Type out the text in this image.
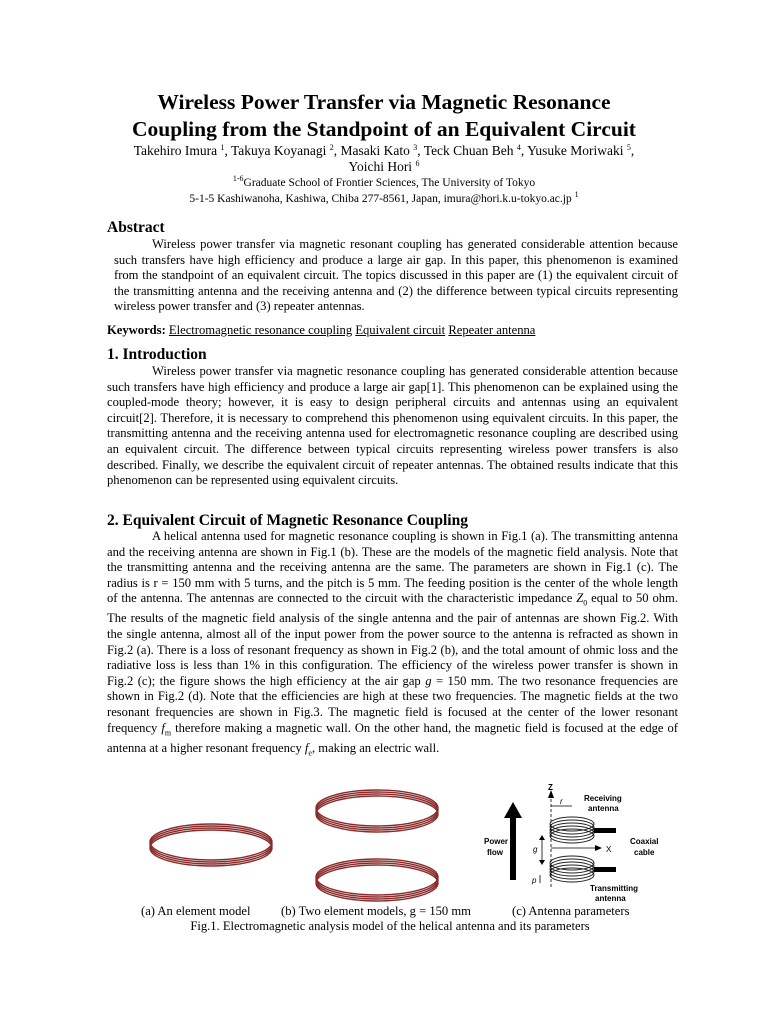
Wireless Power Transfer via Magnetic Resonance
Coupling from the Standpoint of an Equivalent Circuit
Takehiro Imura $^1$, Takuya Koyanagi $^2$, Masaki Kato $^3$, Teck Chuan Beh $^4$, Yusuke Moriwaki $^5$,
Yoichi Hori $^6$
$^{1-6}$Graduate School of Frontier Sciences, The University of Tokyo
5-1-5 Kashiwanoha, Kashiwa, Chiba 277-8561, Japan, imura@hori.k.u-tokyo.ac.jp $^1$
Abstract
Wireless power transfer via magnetic resonant coupling has generated considerable attention because such transfers have high efficiency and produce a large air gap. In this paper, this phenomenon is examined from the standpoint of an equivalent circuit. The topics discussed in this paper are (1) the equivalent circuit of the transmitting antenna and the receiving antenna and (2) the difference between typical circuits representing wireless power transfer and (3) repeater antennas.
Keywords: Electromagnetic resonance coupling Equivalent circuit Repeater antenna
1. Introduction
Wireless power transfer via magnetic resonance coupling has generated considerable attention because such transfers have high efficiency and produce a large air gap[1]. This phenomenon can be explained using the coupled-mode theory; however, it is easy to design peripheral circuits and antennas using an equivalent circuit[2]. Therefore, it is necessary to comprehend this phenomenon using equivalent circuits. In this paper, the transmitting antenna and the receiving antenna used for electromagnetic resonance coupling are described using an equivalent circuit. The difference between typical circuits representing wireless power transfers is also described. Finally, we describe the equivalent circuit of repeater antennas. The obtained results indicate that this phenomenon can be represented using equivalent circuits.
2. Equivalent Circuit of Magnetic Resonance Coupling
A helical antenna used for magnetic resonance coupling is shown in Fig.1 (a). The transmitting antenna and the receiving antenna are shown in Fig.1 (b). These are the models of the magnetic field analysis. Note that the transmitting antenna and the receiving antenna are the same. The parameters are shown in Fig.1 (c). The radius is r = 150 mm with 5 turns, and the pitch is 5 mm. The feeding position is the center of the whole length of the antenna. The antennas are connected to the circuit with the characteristic impedance $Z_0$ equal to 50 ohm. The results of the magnetic field analysis of the single antenna and the pair of antennas are shown Fig.2. With the single antenna, almost all of the input power from the power source to the antenna is refracted as shown in Fig.2 (a). There is a loss of resonant frequency as shown in Fig.2 (b), and the total amount of ohmic loss and the radiative loss is less than 1% in this configuration. The efficiency of the wireless power transfer is shown in Fig.2 (c); the figure shows the high efficiency at the air gap g = 150 mm. The two resonance frequencies are shown in Fig.2 (d). Note that the efficiencies are high at these two frequencies. The magnetic fields at the two resonant frequencies are shown in Fig.3. The magnetic field is focused at the center of the lower resonant frequency $f_m$ therefore making a magnetic wall. On the other hand, the magnetic field is focused at the edge of antenna at a higher resonant frequency $f_e$, making an electric wall.
Z
r	Receiving
antenna
Power
flow	g	X
Coaxial
cable
p
Transmitting
antenna
(a) An element model (b) Two element models, g = 150 mm	(c) Antenna parameters
Fig.1. Electromagnetic analysis model of the helical antenna and its parameters
